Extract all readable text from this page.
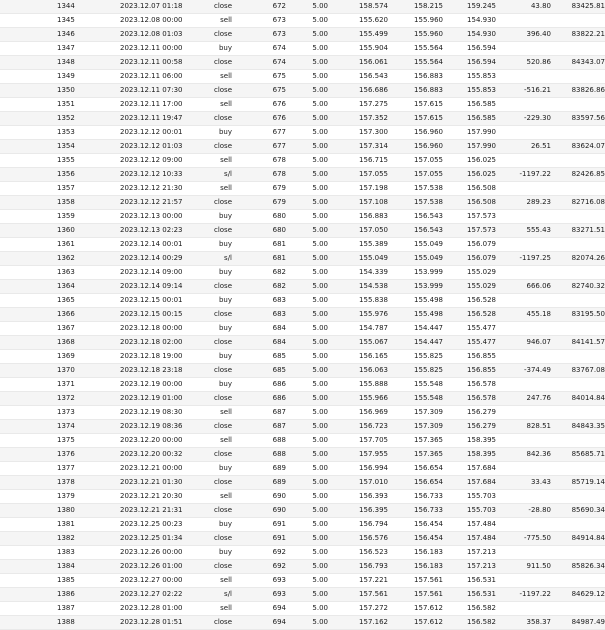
1344	2023.12.07 01:18	close	672	5.00	158.574	158.215	159.245	43.80	83425.81
1345	2023.12.08 00:00	sell	673	5.00	155.620	155.960	154.930		
1346	2023.12.08 01:03	close	673	5.00	155.499	155.960	154.930	396.40	83822.21
1347	2023.12.11 00:00	buy	674	5.00	155.904	155.564	156.594		
1348	2023.12.11 00:58	close	674	5.00	156.061	155.564	156.594	520.86	84343.07
1349	2023.12.11 06:00	sell	675	5.00	156.543	156.883	155.853		
1350	2023.12.11 07:30	close	675	5.00	156.686	156.883	155.853	-516.21	83826.86
1351	2023.12.11 17:00	sell	676	5.00	157.275	157.615	156.585		
1352	2023.12.11 19:47	close	676	5.00	157.352	157.615	156.585	-229.30	83597.56
1353	2023.12.12 00:01	buy	677	5.00	157.300	156.960	157.990		
1354	2023.12.12 01:03	close	677	5.00	157.314	156.960	157.990	26.51	83624.07
1355	2023.12.12 09:00	sell	678	5.00	156.715	157.055	156.025		
1356	2023.12.12 10:33	s/l	678	5.00	157.055	157.055	156.025	-1197.22	82426.85
1357	2023.12.12 21:30	sell	679	5.00	157.198	157.538	156.508		
1358	2023.12.12 21:57	close	679	5.00	157.108	157.538	156.508	289.23	82716.08
1359	2023.12.13 00:00	buy	680	5.00	156.883	156.543	157.573		
1360	2023.12.13 02:23	close	680	5.00	157.050	156.543	157.573	555.43	83271.51
1361	2023.12.14 00:01	buy	681	5.00	155.389	155.049	156.079		
1362	2023.12.14 00:29	s/l	681	5.00	155.049	155.049	156.079	-1197.25	82074.26
1363	2023.12.14 09:00	buy	682	5.00	154.339	153.999	155.029		
1364	2023.12.14 09:14	close	682	5.00	154.538	153.999	155.029	666.06	82740.32
1365	2023.12.15 00:01	buy	683	5.00	155.838	155.498	156.528		
1366	2023.12.15 00:15	close	683	5.00	155.976	155.498	156.528	455.18	83195.50
1367	2023.12.18 00:00	buy	684	5.00	154.787	154.447	155.477		
1368	2023.12.18 02:00	close	684	5.00	155.067	154.447	155.477	946.07	84141.57
1369	2023.12.18 19:00	buy	685	5.00	156.165	155.825	156.855		
1370	2023.12.18 23:18	close	685	5.00	156.063	155.825	156.855	-374.49	83767.08
1371	2023.12.19 00:00	buy	686	5.00	155.888	155.548	156.578		
1372	2023.12.19 01:00	close	686	5.00	155.966	155.548	156.578	247.76	84014.84
1373	2023.12.19 08:30	sell	687	5.00	156.969	157.309	156.279		
1374	2023.12.19 08:36	close	687	5.00	156.723	157.309	156.279	828.51	84843.35
1375	2023.12.20 00:00	sell	688	5.00	157.705	157.365	158.395		
1376	2023.12.20 00:32	close	688	5.00	157.955	157.365	158.395	842.36	85685.71
1377	2023.12.21 00:00	buy	689	5.00	156.994	156.654	157.684		
1378	2023.12.21 01:30	close	689	5.00	157.010	156.654	157.684	33.43	85719.14
1379	2023.12.21 20:30	sell	690	5.00	156.393	156.733	155.703		
1380	2023.12.21 21:31	close	690	5.00	156.395	156.733	155.703	-28.80	85690.34
1381	2023.12.25 00:23	buy	691	5.00	156.794	156.454	157.484		
1382	2023.12.25 01:34	close	691	5.00	156.576	156.454	157.484	-775.50	84914.84
1383	2023.12.26 00:00	buy	692	5.00	156.523	156.183	157.213		
1384	2023.12.26 01:00	close	692	5.00	156.793	156.183	157.213	911.50	85826.34
1385	2023.12.27 00:00	sell	693	5.00	157.221	157.561	156.531		
1386	2023.12.27 02:22	s/l	693	5.00	157.561	157.561	156.531	-1197.22	84629.12
1387	2023.12.28 01:00	sell	694	5.00	157.272	157.612	156.582		
1388	2023.12.28 01:51	close	694	5.00	157.162	157.612	156.582	358.37	84987.49
